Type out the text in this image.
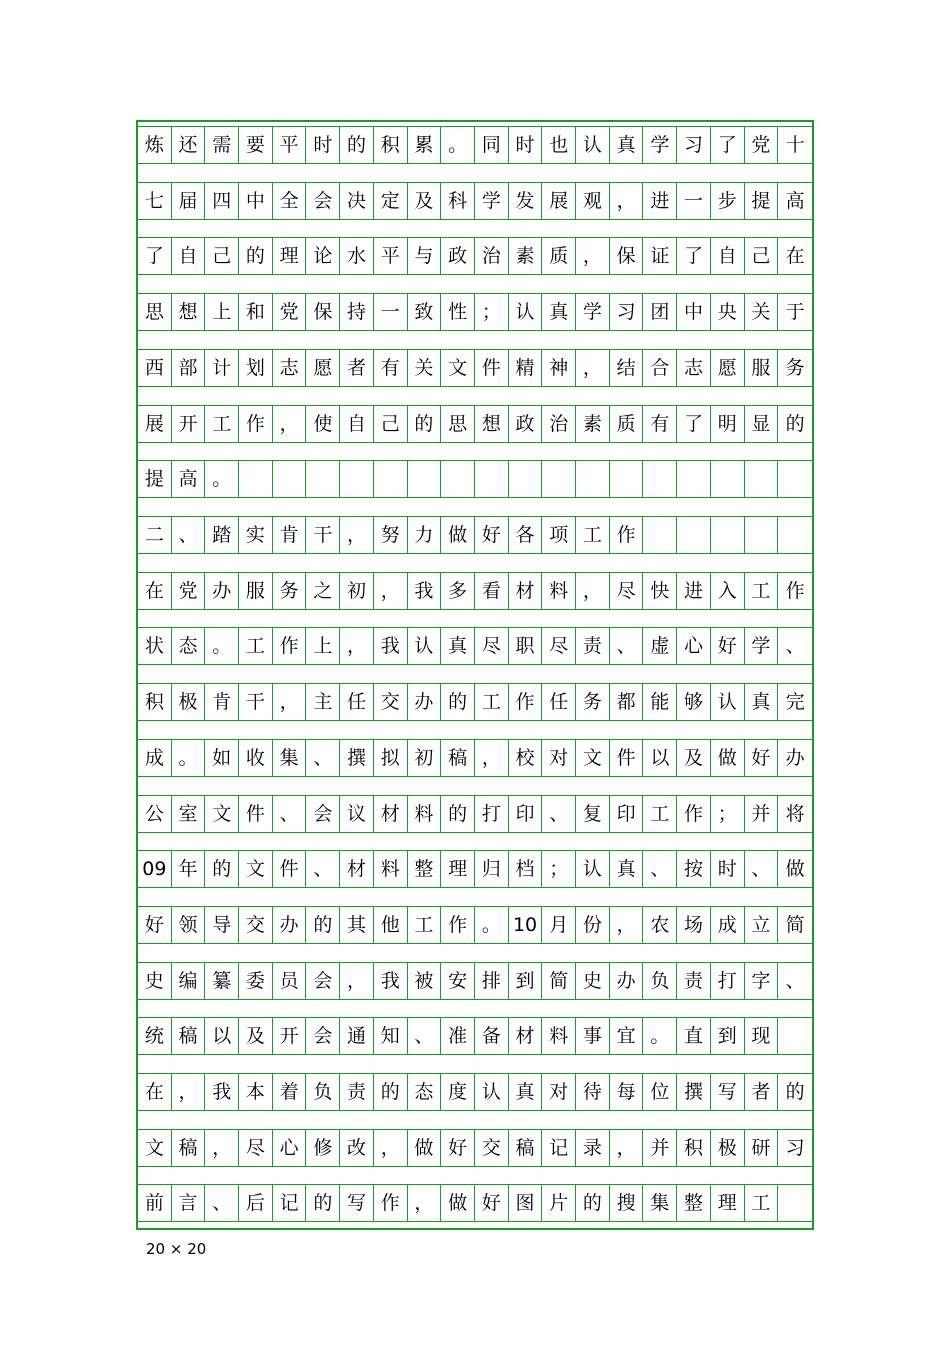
炼 还 需 要 平 时 的 积 累 。 同 时 也 认 真 学 习 了 党 十
七 届 四 中 全 会 决 定 及 科 学 发 展 观 ， 进 一 步 提 高
了 自 己 的 理 论 水 平 与 政 治 素 质 ， 保 证 了 自 己 在
思 想 上 和 党 保 持 一 致 性 ； 认 真 学 习 团 中 央 关 于
西 部 计 划 志 愿 者 有 关 文 件 精 神 ， 结 合 志 愿 服 务
展 开 工 作 ， 使 自 己 的 思 想 政 治 素 质 有 了 明 显 的
提 高 。
二 、 踏 实 肯 干 ， 努 力 做 好 各 项 工 作
在 党 办 服 务 之 初 ， 我 多 看 材 料 ， 尽 快 进 入 工 作
状 态 。 工 作 上 ， 我 认 真 尽 职 尽 责 、 虚 心 好 学 、
积 极 肯 干 ， 主 任 交 办 的 工 作 任 务 都 能 够 认 真 完
成 。 如 收 集 、 撰 拟 初 稿 ， 校 对 文 件 以 及 做 好 办
公 室 文 件 、 会 议 材 料 的 打 印 、 复 印 工 作 ； 并 将
09 年 的 文 件 、 材 料 整 理 归 档 ； 认 真 、 按 时 、 做
好 领 导 交 办 的 其 他 工 作 。 10 月 份 ， 农 场 成 立 简
史 编 纂 委 员 会 ， 我 被 安 排 到 简 史 办 负 责 打 字 、
统 稿 以 及 开 会 通 知 、 准 备 材 料 事 宜 。 直 到 现
在 ， 我 本 着 负 责 的 态 度 认 真 对 待 每 位 撰 写 者 的
文 稿 ， 尽 心 修 改 ， 做 好 交 稿 记 录 ， 并 积 极 研 习
前 言 、 后 记 的 写 作 ， 做 好 图 片 的 搜 集 整 理 工
20 × 20
